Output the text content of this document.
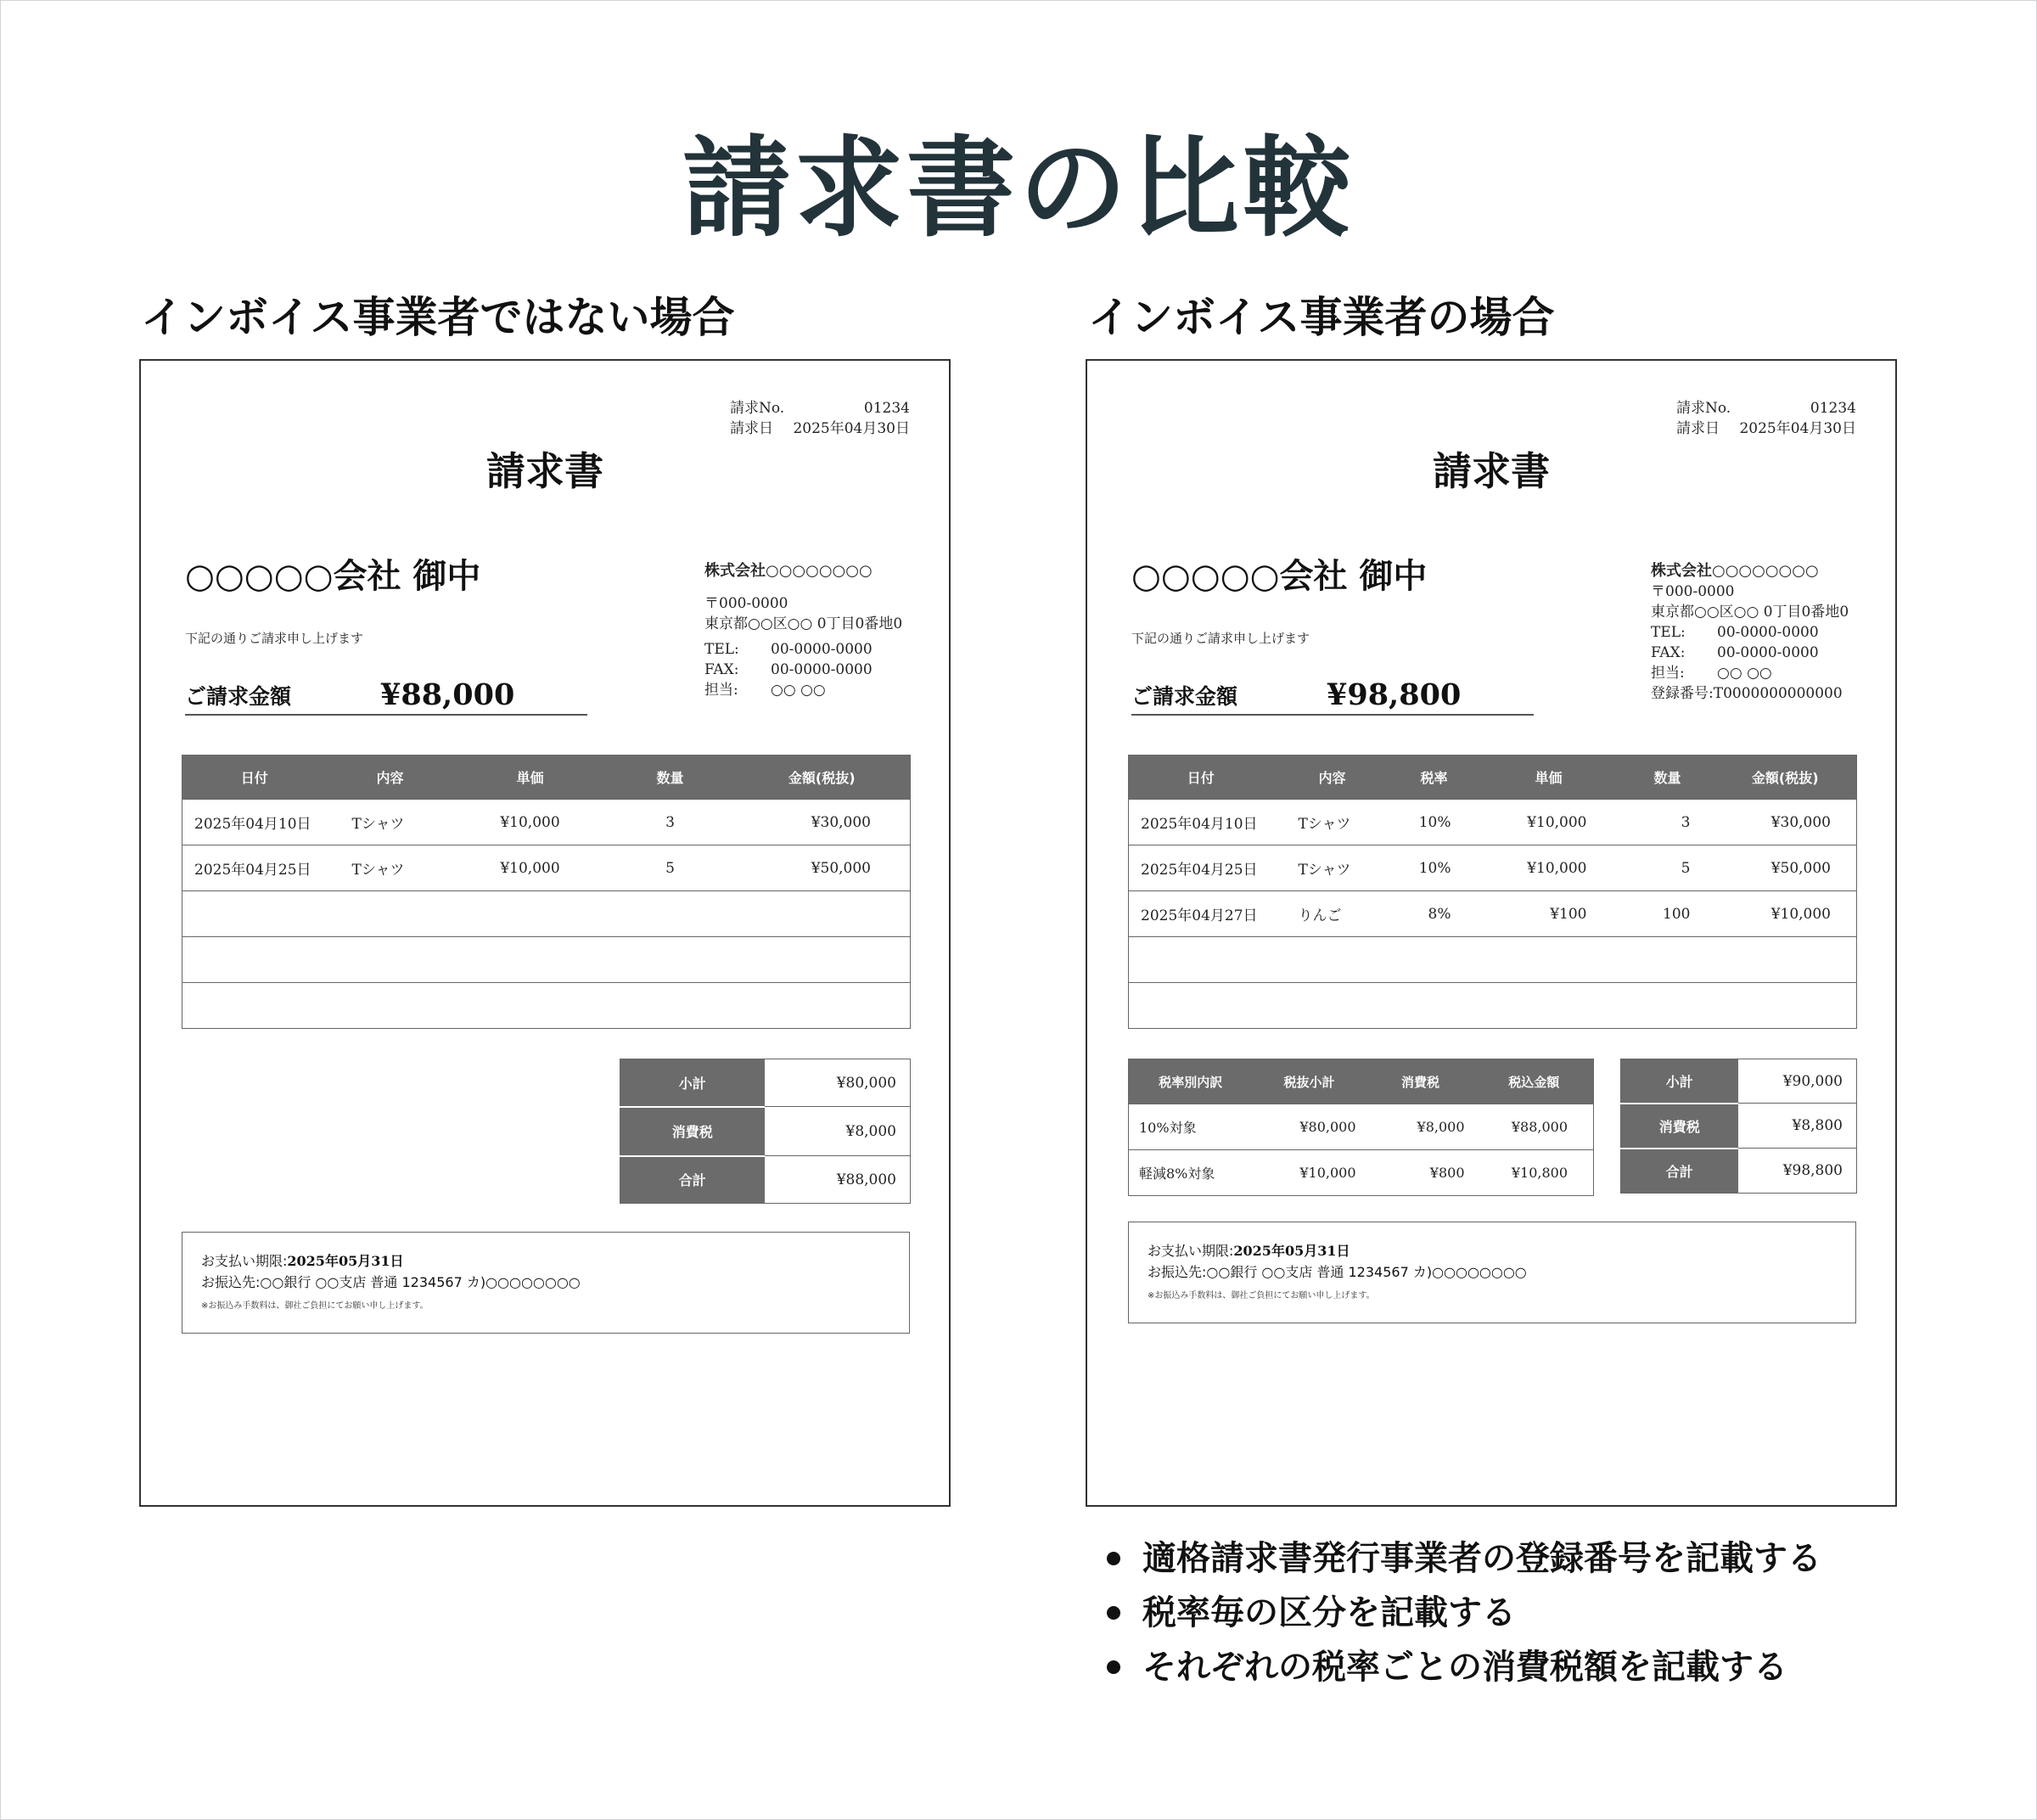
請求書の比較
インボイス事業者ではない場合
請求No.	01234
請求日 2025年04月30日
請求書
○○○○○会社 御中
下記の通りご請求申し上げます
ご請求金額	¥88,000
株式会社○○○○○○○○
〒000-0000
東京都○○区○○ 0丁目0番地0
TEL:	00-0000-0000
FAX:	00-0000-0000
担当:	○○ ○○
日付	内容	単価	数量	金額(税抜)
2025年04月10日	Tシャツ	¥10,000	3	¥30,000
2025年04月25日	Tシャツ	¥10,000	5	¥50,000

小計	¥80,000
消費税	¥8,000
合計	¥88,000
お支払い期限:2025年05月31日
お振込先:○○銀行 ○○支店 普通 1234567 カ)○○○○○○○○
※お振込み手数料は、御社ご負担にてお願い申し上げます。
インボイス事業者の場合
請求No.	01234
請求日 2025年04月30日
請求書
○○○○○会社 御中
下記の通りご請求申し上げます
ご請求金額	¥98,800
株式会社○○○○○○○○
〒000-0000
東京都○○区○○ 0丁目0番地0
TEL:	00-0000-0000
FAX:	00-0000-0000
担当:	○○ ○○
登録番号: T0000000000000
日付	内容	税率	単価	数量	金額(税抜)
2025年04月10日	Tシャツ	10%	¥10,000	3	¥30,000
2025年04月25日	Tシャツ	10%	¥10,000	5	¥50,000
2025年04月27日	りんご	8%	¥100	100	¥10,000

税率別内訳	税抜小計	消費税	税込金額
10%対象	¥80,000	¥8,000	¥88,000
軽減8%対象	¥10,000	¥800	¥10,800
小計	¥90,000
消費税	¥8,800
合計	¥98,800
お支払い期限:2025年05月31日
お振込先:○○銀行 ○○支店 普通 1234567 カ)○○○○○○○○
※お振込み手数料は、御社ご負担にてお願い申し上げます。
適格請求書発行事業者の登録番号を記載する
税率毎の区分を記載する
それぞれの税率ごとの消費税額を記載する
